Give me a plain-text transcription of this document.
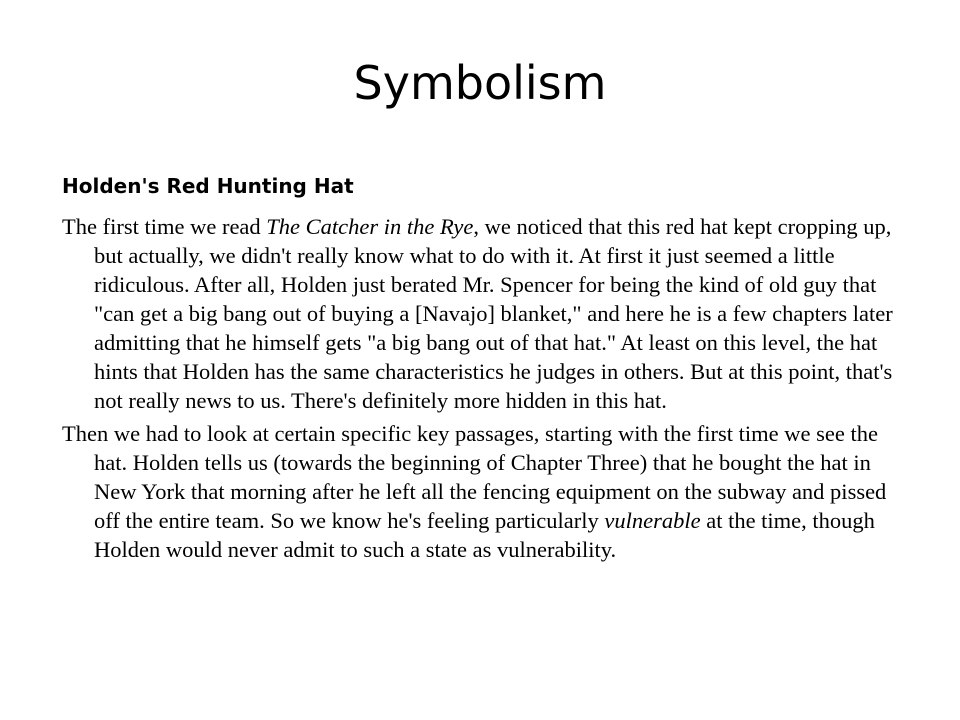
Symbolism
Holden's Red Hunting Hat

The first time we read The Catcher in the Rye, we noticed that this red hat kept cropping up, but actually, we didn't really know what to do with it. At first it just seemed a little ridiculous. After all, Holden just berated Mr. Spencer for being the kind of old guy that "can get a big bang out of buying a [Navajo] blanket," and here he is a few chapters later admitting that he himself gets "a big bang out of that hat." At least on this level, the hat hints that Holden has the same characteristics he judges in others. But at this point, that's not really news to us. There's definitely more hidden in this hat.

Then we had to look at certain specific key passages, starting with the first time we see the hat. Holden tells us (towards the beginning of Chapter Three) that he bought the hat in New York that morning after he left all the fencing equipment on the subway and pissed off the entire team. So we know he's feeling particularly vulnerable at the time, though Holden would never admit to such a state as vulnerability.
